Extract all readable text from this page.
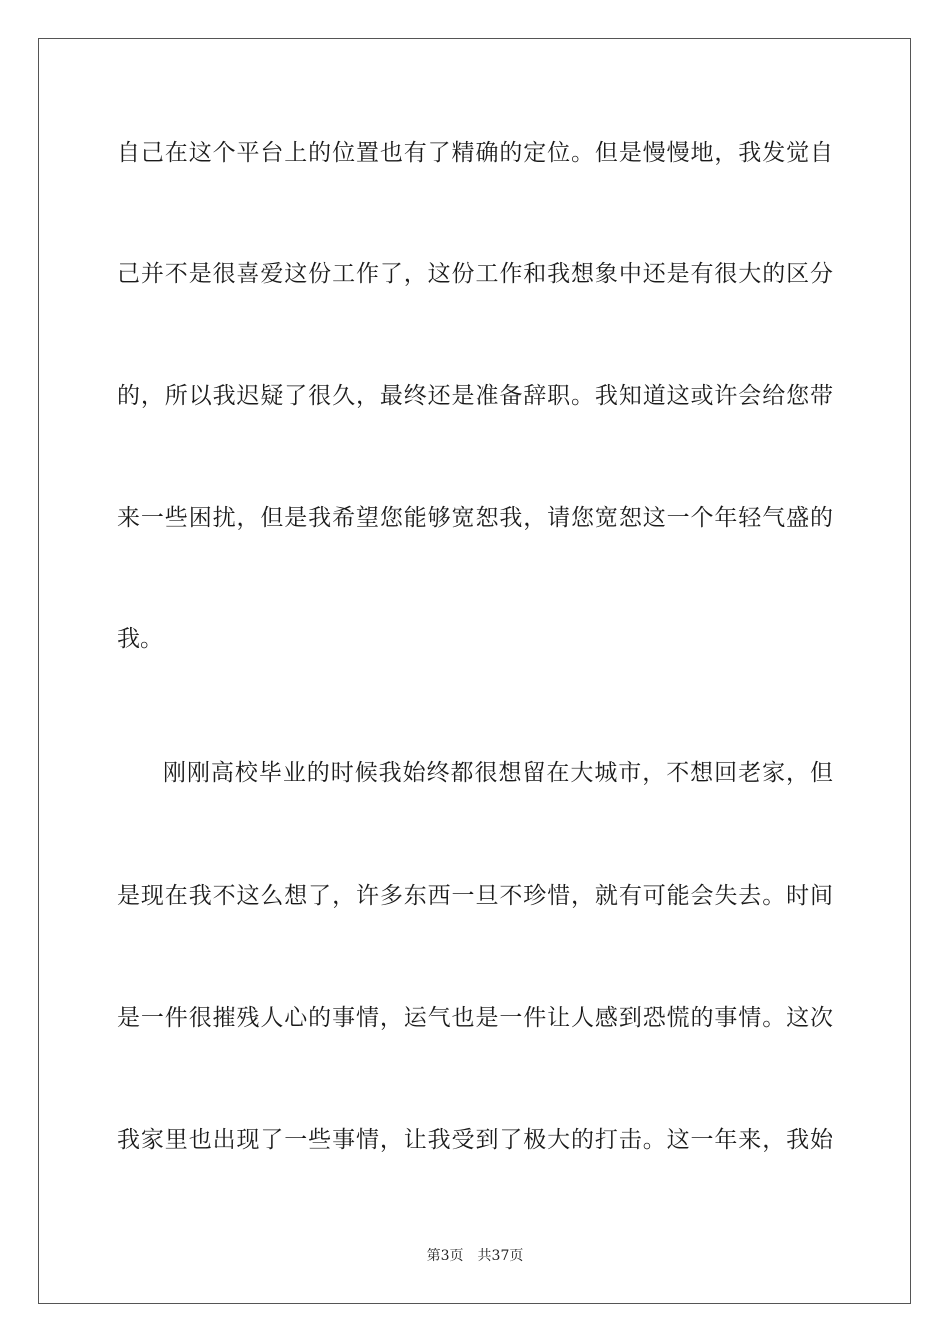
自己在这个平台上的位置也有了精确的定位。但是慢慢地，我发觉自
己并不是很喜爱这份工作了，这份工作和我想象中还是有很大的区分
的，所以我迟疑了很久，最终还是准备辞职。我知道这或许会给您带
来一些困扰，但是我希望您能够宽恕我，请您宽恕这一个年轻气盛的
我。
刚刚高校毕业的时候我始终都很想留在大城市，不想回老家，但
是现在我不这么想了，许多东西一旦不珍惜，就有可能会失去。时间
是一件很摧残人心的事情，运气也是一件让人感到恐慌的事情。这次
我家里也出现了一些事情，让我受到了极大的打击。这一年来，我始
第3页 共37页
